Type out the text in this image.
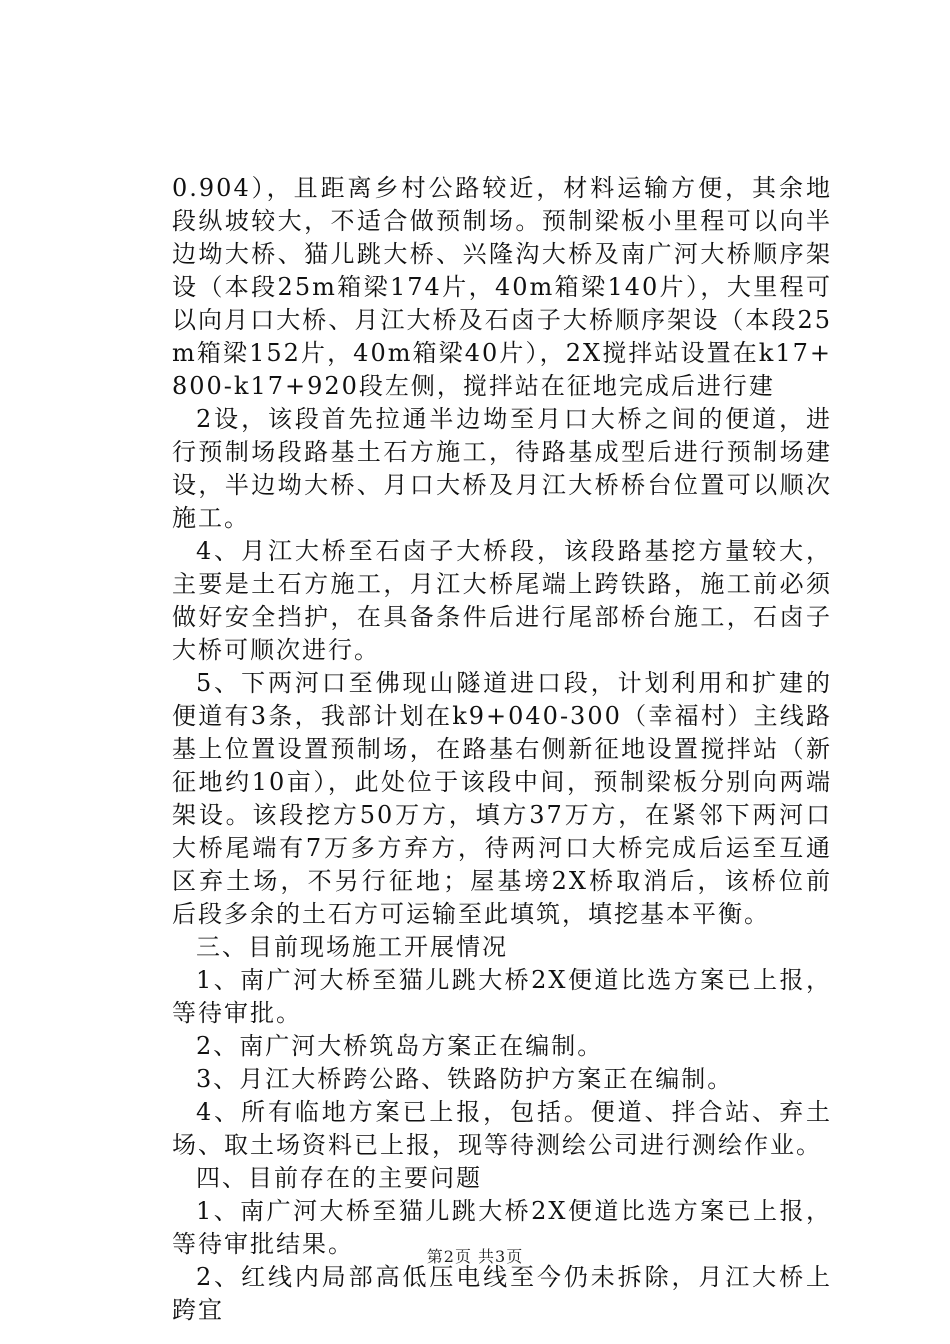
0.904），且距离乡村公路较近，材料运输方便，其余地段纵坡较大，不适合做预制场。预制梁板小里程可以向半边坳大桥、猫儿跳大桥、兴隆沟大桥及南广河大桥顺序架设（本段25m箱梁174片，40m箱梁140片），大里程可以向月口大桥、月江大桥及石卤子大桥顺序架设（本段25m箱梁152片，40m箱梁40片），2X搅拌站设置在k17+800-k17+920段左侧，搅拌站在征地完成后进行建

2设，该段首先拉通半边坳至月口大桥之间的便道，进行预制场段路基土石方施工，待路基成型后进行预制场建设，半边坳大桥、月口大桥及月江大桥桥台位置可以顺次施工。

4、月江大桥至石卤子大桥段，该段路基挖方量较大，主要是土石方施工，月江大桥尾端上跨铁路，施工前必须做好安全挡护，在具备条件后进行尾部桥台施工，石卤子大桥可顺次进行。

5、下两河口至佛现山隧道进口段，计划利用和扩建的便道有3条，我部计划在k9+040-300（幸福村）主线路基上位置设置预制场，在路基右侧新征地设置搅拌站（新征地约10亩），此处位于该段中间，预制梁板分别向两端架设。该段挖方50万方，填方37万方，在紧邻下两河口大桥尾端有7万多方弃方，待两河口大桥完成后运至互通区弃土场，不另行征地；屋基塝2X桥取消后，该桥位前后段多余的土石方可运输至此填筑，填挖基本平衡。

三、目前现场施工开展情况

1、南广河大桥至猫儿跳大桥2X便道比选方案已上报，等待审批。

2、南广河大桥筑岛方案正在编制。

3、月江大桥跨公路、铁路防护方案正在编制。

4、所有临地方案已上报，包括。便道、拌合站、弃土场、取土场资料已上报，现等待测绘公司进行测绘作业。

四、目前存在的主要问题

1、南广河大桥至猫儿跳大桥2X便道比选方案已上报，等待审批结果。

2、红线内局部高低压电线至今仍未拆除，月江大桥上跨宜

第2页 共3页
